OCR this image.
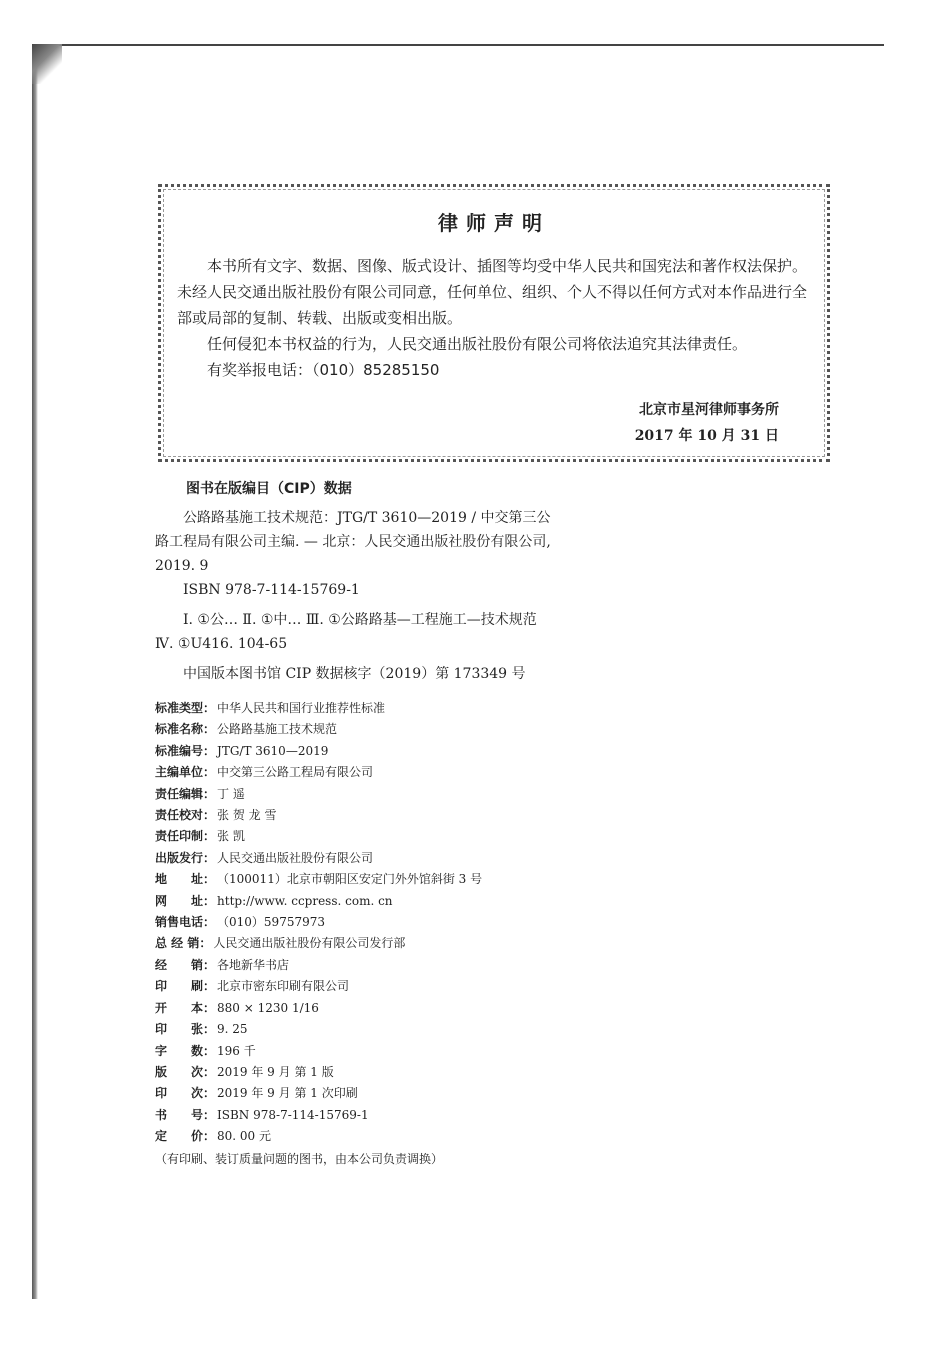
律师声明

本书所有文字、数据、图像、版式设计、插图等均受中华人民共和国宪法和著作权法保护。未经人民交通出版社股份有限公司同意，任何单位、组织、个人不得以任何方式对本作品进行全部或局部的复制、转载、出版或变相出版。

任何侵犯本书权益的行为，人民交通出版社股份有限公司将依法追究其法律责任。

有奖举报电话：（010）85285150

北京市星河律师事务所
2017 年 10 月 31 日
图书在版编目（CIP）数据

公路路基施工技术规范：JTG/T 3610—2019 / 中交第三公路工程局有限公司主编. — 北京：人民交通出版社股份有限公司, 2019. 9

ISBN 978-7-114-15769-1

Ⅰ. ①公… Ⅱ. ①中… Ⅲ. ①公路路基—工程施工—技术规范 Ⅳ. ①U416. 104-65

中国版本图书馆 CIP 数据核字（2019）第 173349 号

标准类型： 中华人民共和国行业推荐性标准
标准名称： 公路路基施工技术规范
标准编号： JTG/T 3610—2019
主编单位： 中交第三公路工程局有限公司
责任编辑： 丁 遥
责任校对： 张 贺 龙 雪
责任印制： 张 凯
出版发行： 人民交通出版社股份有限公司
地　　址： （100011）北京市朝阳区安定门外外馆斜街 3 号
网　　址： http://www. ccpress. com. cn
销售电话： （010）59757973
总 经 销： 人民交通出版社股份有限公司发行部
经　　销： 各地新华书店
印　　刷： 北京市密东印刷有限公司
开　　本： 880 × 1230 1/16
印　　张： 9. 25
字　　数： 196 千
版　　次： 2019 年 9 月 第 1 版
印　　次： 2019 年 9 月 第 1 次印刷
书　　号： ISBN 978-7-114-15769-1
定　　价： 80. 00 元
（有印刷、装订质量问题的图书，由本公司负责调换）
